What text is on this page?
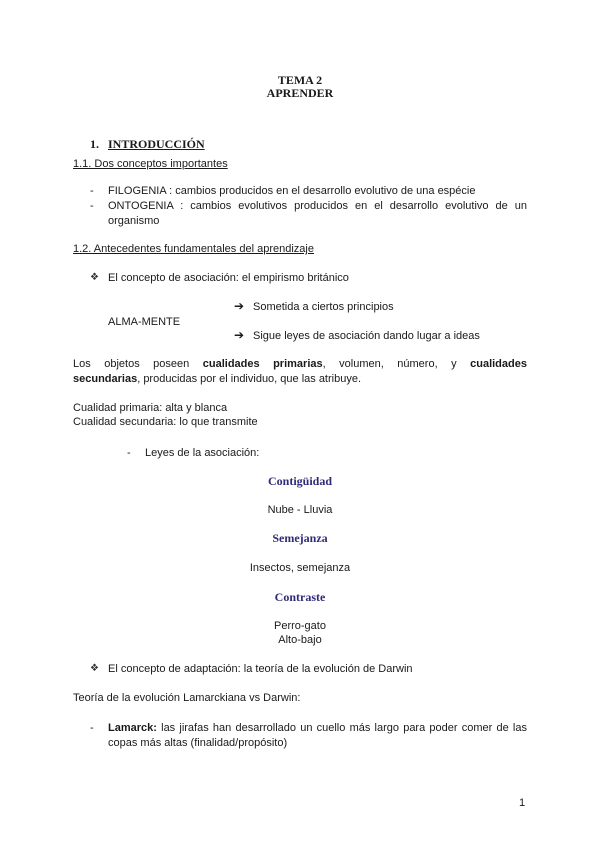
TEMA 2
APRENDER
1. INTRODUCCIÓN
1.1. Dos conceptos importantes
- FILOGENIA : cambios producidos en el desarrollo evolutivo de una espécie
- ONTOGENIA : cambios evolutivos producidos en el desarrollo evolutivo de un
organismo
1.2. Antecedentes fundamentales del aprendizaje
❖ El concepto de asociación: el empirismo británico
➔ Sometida a ciertos principios
ALMA-MENTE
➔ Sigue leyes de asociación dando lugar a ideas
Los objetos poseen cualidades primarias, volumen, número, y cualidades
secundarias, producidas por el individuo, que las atribuye.
Cualidad primaria: alta y blanca
Cualidad secundaria: lo que transmite
- Leyes de la asociación:
Contigüidad
Nube - Lluvia
Semejanza
Insectos, semejanza
Contraste
Perro-gato
Alto-bajo
❖ El concepto de adaptación: la teoría de la evolución de Darwin
Teoría de la evolución Lamarckiana vs Darwin:
- Lamarck: las jirafas han desarrollado un cuello más largo para poder comer de las
copas más altas (finalidad/propósito)
1
